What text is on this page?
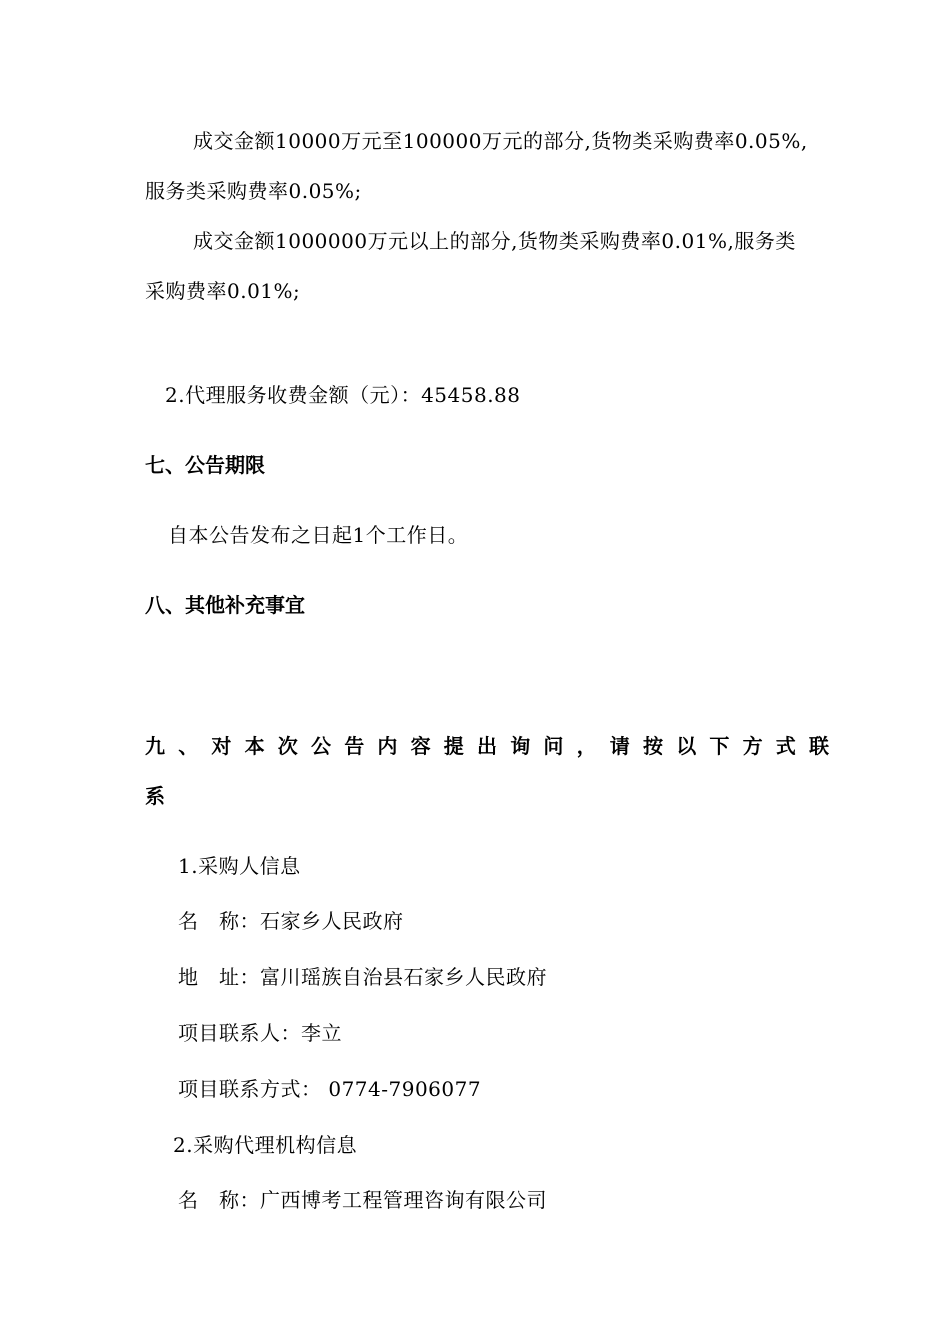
成交金额10000万元至100000万元的部分,货物类采购费率0.05%,
服务类采购费率0.05%;
成交金额1000000万元以上的部分,货物类采购费率0.01%,服务类
采购费率0.01%;
2.代理服务收费金额（元）：45458.88
七、公告期限
自本公告发布之日起1个工作日。
八、其他补充事宜
九、对本次公告内容提出询问，请按以下方式联
系
1.采购人信息
名　称：石家乡人民政府
地　址：富川瑶族自治县石家乡人民政府
项目联系人：李立
项目联系方式： 0774-7906077
2.采购代理机构信息
名　称：广西博考工程管理咨询有限公司
